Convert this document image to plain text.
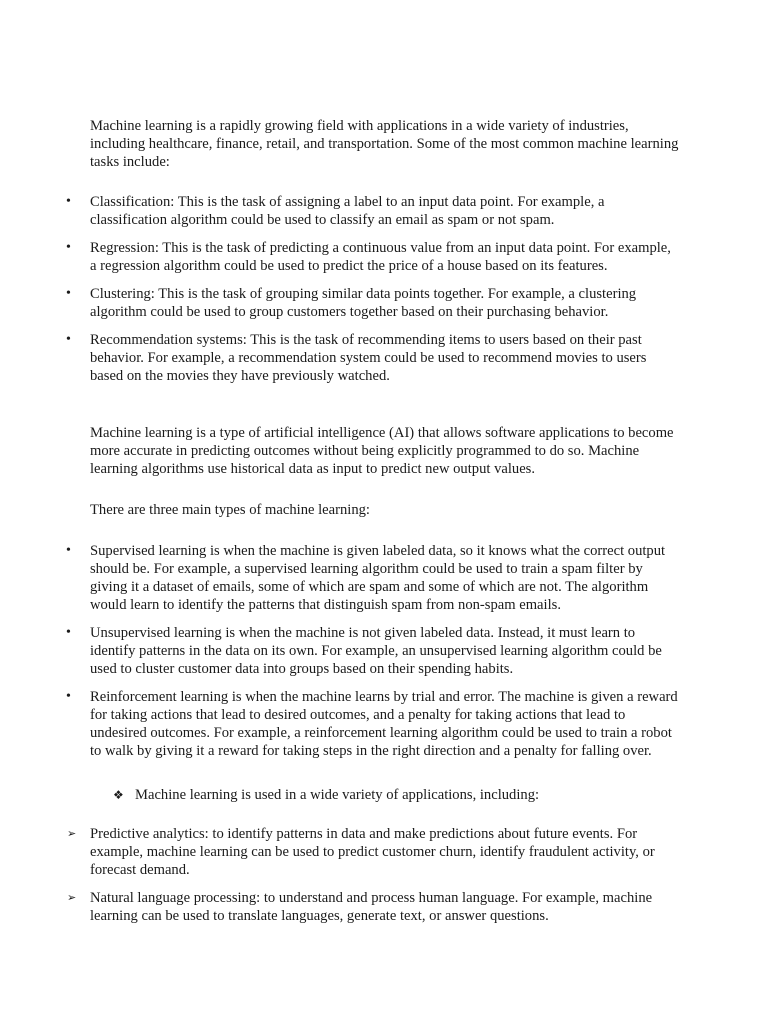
Machine learning is a rapidly growing field with applications in a wide variety of industries, including healthcare, finance, retail, and transportation. Some of the most common machine learning tasks include:

•	Classification: This is the task of assigning a label to an input data point. For example, a classification algorithm could be used to classify an email as spam or not spam.
•	Regression: This is the task of predicting a continuous value from an input data point. For example, a regression algorithm could be used to predict the price of a house based on its features.
•	Clustering: This is the task of grouping similar data points together. For example, a clustering algorithm could be used to group customers together based on their purchasing behavior.
•	Recommendation systems: This is the task of recommending items to users based on their past behavior. For example, a recommendation system could be used to recommend movies to users based on the movies they have previously watched.

Machine learning is a type of artificial intelligence (AI) that allows software applications to become more accurate in predicting outcomes without being explicitly programmed to do so. Machine learning algorithms use historical data as input to predict new output values.

There are three main types of machine learning:

•	Supervised learning is when the machine is given labeled data, so it knows what the correct output should be. For example, a supervised learning algorithm could be used to train a spam filter by giving it a dataset of emails, some of which are spam and some of which are not. The algorithm would learn to identify the patterns that distinguish spam from non-spam emails.
•	Unsupervised learning is when the machine is not given labeled data. Instead, it must learn to identify patterns in the data on its own. For example, an unsupervised learning algorithm could be used to cluster customer data into groups based on their spending habits.
•	Reinforcement learning is when the machine learns by trial and error. The machine is given a reward for taking actions that lead to desired outcomes, and a penalty for taking actions that lead to undesired outcomes. For example, a reinforcement learning algorithm could be used to train a robot to walk by giving it a reward for taking steps in the right direction and a penalty for falling over.
❖ Machine learning is used in a wide variety of applications, including:
➢ Predictive analytics: to identify patterns in data and make predictions about future events. For example, machine learning can be used to predict customer churn, identify fraudulent activity, or forecast demand.
➢ Natural language processing: to understand and process human language. For example, machine learning can be used to translate languages, generate text, or answer questions.
